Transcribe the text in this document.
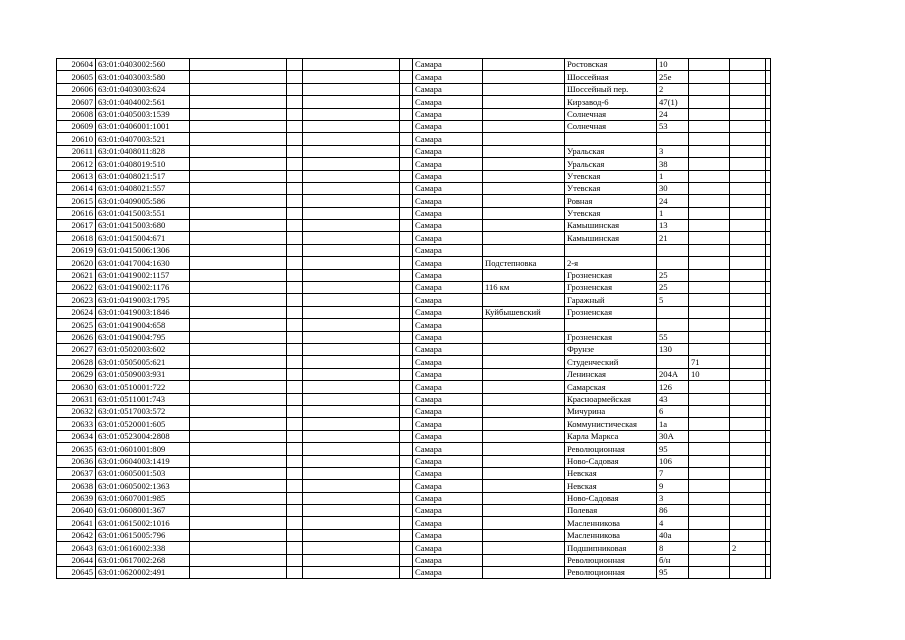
20604	63:01:0403002:560					Самара		Ростовская	10			
20605	63:01:0403003:580					Самара		Шоссейная	25е			
20606	63:01:0403003:624					Самара		Шоссейный пер.	2			
20607	63:01:0404002:561					Самара		Кирзавод-6	47(1)			
20608	63:01:0405003:1539					Самара		Солнечная	24			
20609	63:01:0406001:1001					Самара		Солнечная	53			
20610	63:01:0407003:521					Самара						
20611	63:01:0408011:828					Самара		Уральская	3			
20612	63:01:0408019:510					Самара		Уральская	38			
20613	63:01:0408021:517					Самара		Утевская	1			
20614	63:01:0408021:557					Самара		Утевская	30			
20615	63:01:0409005:586					Самара		Ровная	24			
20616	63:01:0415003:551					Самара		Утевская	1			
20617	63:01:0415003:680					Самара		Камышинская	13			
20618	63:01:0415004:671					Самара		Камышинская	21			
20619	63:01:0415006:1306					Самара						
20620	63:01:0417004:1630					Самара	Подстепновка	2-я				
20621	63:01:0419002:1157					Самара		Грозненская	25			
20622	63:01:0419002:1176					Самара	116 км	Грозненская	25			
20623	63:01:0419003:1795					Самара		Гаражный	5			
20624	63:01:0419003:1846					Самара	Куйбышевский	Грозненская				
20625	63:01:0419004:658					Самара						
20626	63:01:0419004:795					Самара		Грозненская	55			
20627	63:01:0502003:602					Самара		Фрунзе	130			
20628	63:01:0505005:621					Самара		Студенческий		71		
20629	63:01:0509003:931					Самара		Ленинская	204А	10		
20630	63:01:0510001:722					Самара		Самарская	126			
20631	63:01:0511001:743					Самара		Красноармейская	43			
20632	63:01:0517003:572					Самара		Мичурина	6			
20633	63:01:0520001:605					Самара		Коммунистическая	1а			
20634	63:01:0523004:2808					Самара		Карла Маркса	30А			
20635	63:01:0601001:809					Самара		Революционная	95			
20636	63:01:0604003:1419					Самара		Ново-Садовая	106			
20637	63:01:0605001:503					Самара		Невская	7			
20638	63:01:0605002:1363					Самара		Невская	9			
20639	63:01:0607001:985					Самара		Ново-Садовая	3			
20640	63:01:0608001:367					Самара		Полевая	86			
20641	63:01:0615002:1016					Самара		Масленникова	4			
20642	63:01:0615005:796					Самара		Масленникова	40а			
20643	63:01:0616002:338					Самара		Подшипниковая	8		2	
20644	63:01:0617002:268					Самара		Революционная	б/н			
20645	63:01:0620002:491					Самара		Революционная	95			
